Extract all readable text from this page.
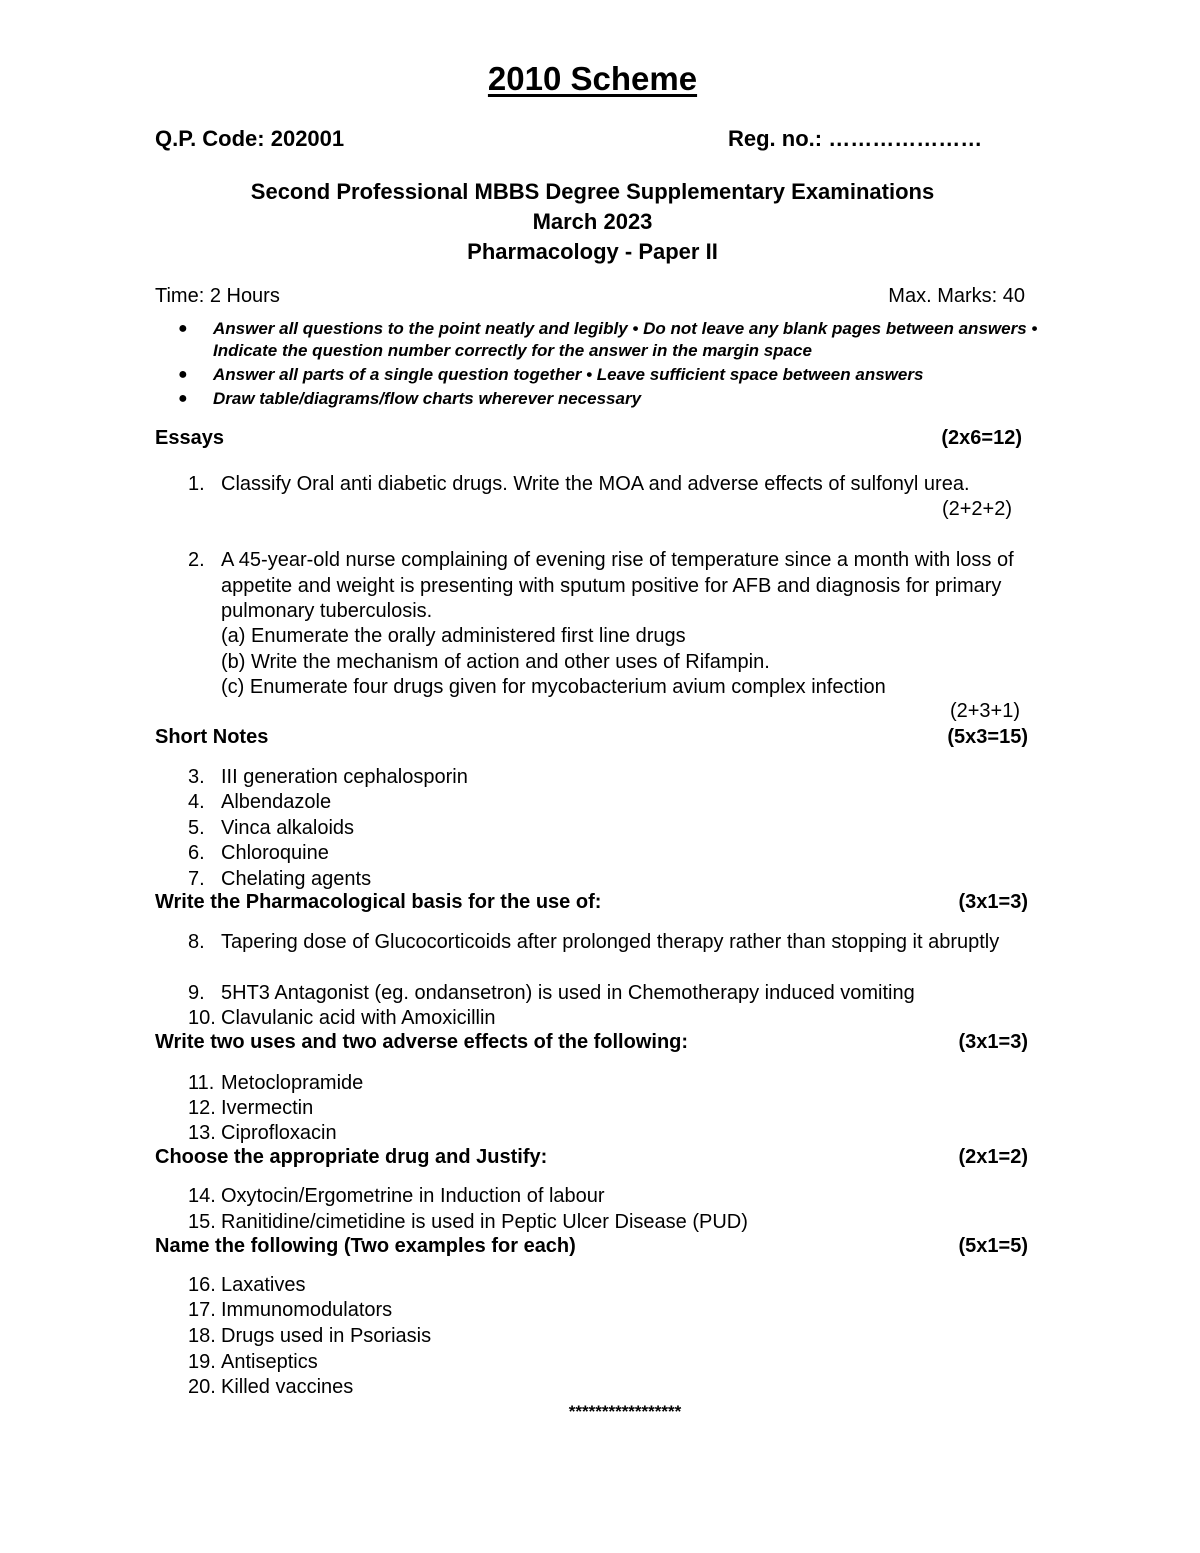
2010 Scheme
Q.P. Code: 202001	Reg. no.: …………………
Second Professional MBBS Degree Supplementary Examinations
March 2023
Pharmacology - Paper II
Time: 2 Hours	Max. Marks: 40
● Answer all questions to the point neatly and legibly • Do not leave any blank pages between answers • Indicate the question number correctly for the answer in the margin space
● Answer all parts of a single question together • Leave sufficient space between answers
● Draw table/diagrams/flow charts wherever necessary
Essays	(2x6=12)
1. Classify Oral anti diabetic drugs. Write the MOA and adverse effects of sulfonyl urea.
(2+2+2)
2. A 45-year-old nurse complaining of evening rise of temperature since a month with loss of appetite and weight is presenting with sputum positive for AFB and diagnosis for primary pulmonary tuberculosis.
(a) Enumerate the orally administered first line drugs
(b) Write the mechanism of action and other uses of Rifampin.
(c) Enumerate four drugs given for mycobacterium avium complex infection
(2+3+1)
Short Notes	(5x3=15)
3. III generation cephalosporin
4. Albendazole
5. Vinca alkaloids
6. Chloroquine
7. Chelating agents
Write the Pharmacological basis for the use of:	(3x1=3)
8. Tapering dose of Glucocorticoids after prolonged therapy rather than stopping it abruptly
9. 5HT3 Antagonist (eg. ondansetron) is used in Chemotherapy induced vomiting
10. Clavulanic acid with Amoxicillin
Write two uses and two adverse effects of the following:	(3x1=3)
11. Metoclopramide
12. Ivermectin
13. Ciprofloxacin
Choose the appropriate drug and Justify:	(2x1=2)
14. Oxytocin/Ergometrine in Induction of labour
15. Ranitidine/cimetidine is used in Peptic Ulcer Disease (PUD)
Name the following (Two examples for each)	(5x1=5)
16. Laxatives
17. Immunomodulators
18. Drugs used in Psoriasis
19. Antiseptics
20. Killed vaccines
*****************
